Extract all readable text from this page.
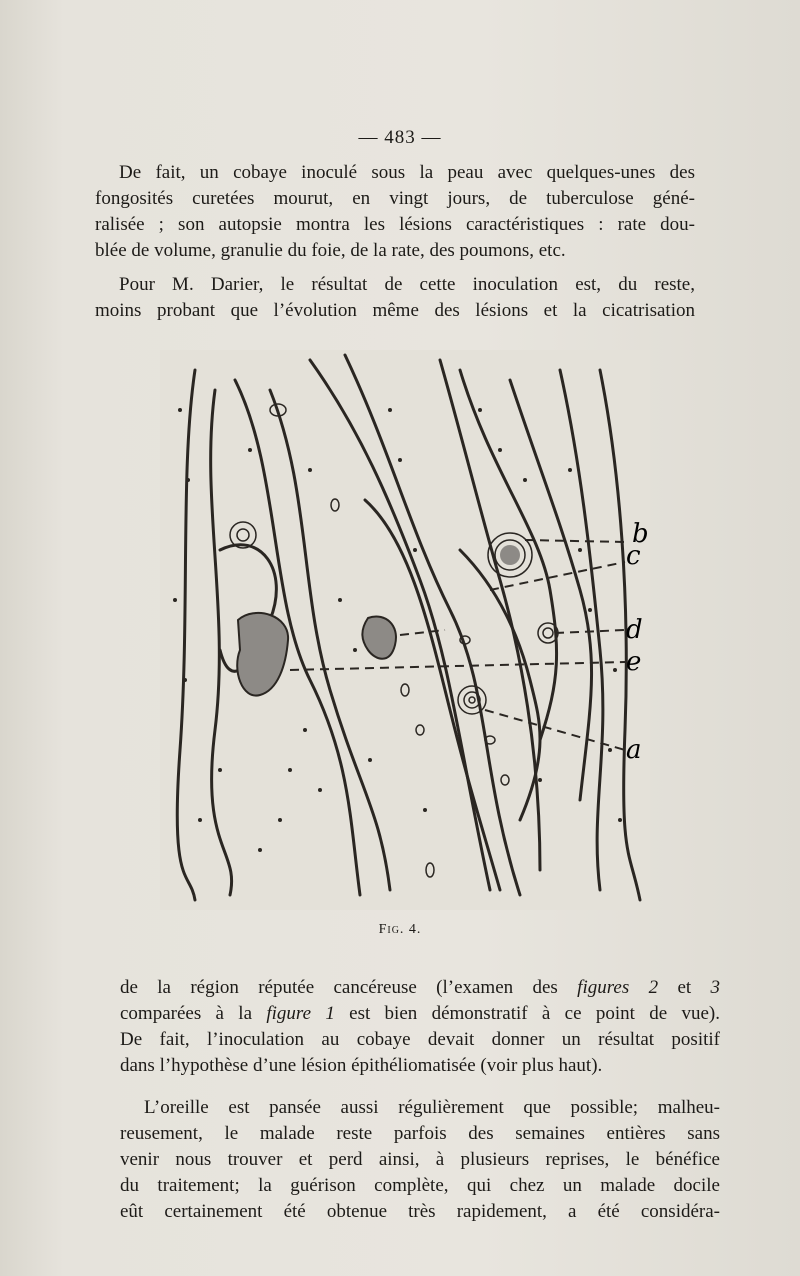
— 483 —

De fait, un cobaye inoculé sous la peau avec quelques-unes des
fongosités curetées mourut, en vingt jours, de tuberculose géné-
ralisée ; son autopsie montra les lésions caractéristiques : rate dou-
blée de volume, granulie du foie, de la rate, des poumons, etc.

Pour M. Darier, le résultat de cette inoculation est, du reste,
moins probant que l’évolution même des lésions et la cicatrisation

b
c
d
e
a
Fig. 4.

de la région réputée cancéreuse (l’examen des figures 2 et 3
comparées à la figure 1 est bien démonstratif à ce point de vue).
De fait, l’inoculation au cobaye devait donner un résultat positif
dans l’hypothèse d’une lésion épithéliomatisée (voir plus haut).

L’oreille est pansée aussi régulièrement que possible; malheu-
reusement, le malade reste parfois des semaines entières sans
venir nous trouver et perd ainsi, à plusieurs reprises, le bénéfice
du traitement; la guérison complète, qui chez un malade docile
eût certainement été obtenue très rapidement, a été considéra-
